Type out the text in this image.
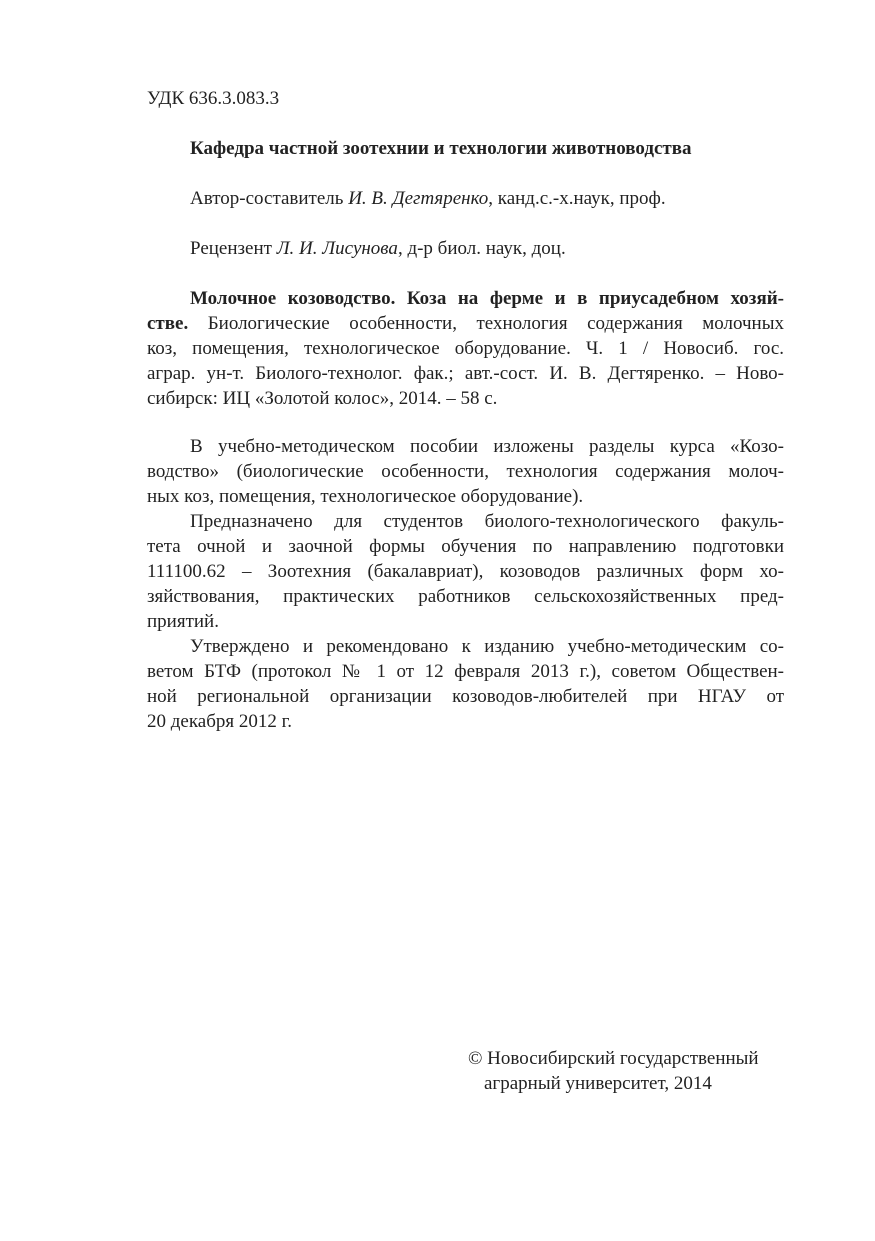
УДК 636.3.083.3
Кафедра частной зоотехнии и технологии животноводства
Автор-составитель И. В. Дегтяренко, канд.с.-х.наук, проф.
Рецензент Л. И. Лисунова, д-р биол. наук, доц.
Молочное козоводство. Коза на ферме и в приусадебном хозяй-
стве. Биологические особенности, технология содержания молочных
коз, помещения, технологическое оборудование. Ч. 1 / Новосиб. гос.
аграр. ун-т. Биолого-технолог. фак.; авт.-сост. И. В. Дегтяренко. – Ново-
сибирск: ИЦ «Золотой колос», 2014. – 58 с.
В учебно-методическом пособии изложены разделы курса «Козо-
водство» (биологические особенности, технология содержания молоч-
ных коз, помещения, технологическое оборудование).
Предназначено для студентов биолого-технологического факуль-
тета очной и заочной формы обучения по направлению подготовки
111100.62 – Зоотехния (бакалавриат), козоводов различных форм хо-
зяйствования, практических работников сельскохозяйственных пред-
приятий.
Утверждено и рекомендовано к изданию учебно-методическим со-
ветом БТФ (протокол № 1 от 12 февраля 2013 г.), советом Обществен-
ной региональной организации козоводов-любителей при НГАУ от
20 декабря 2012 г.
© Новосибирский государственный
аграрный университет, 2014
